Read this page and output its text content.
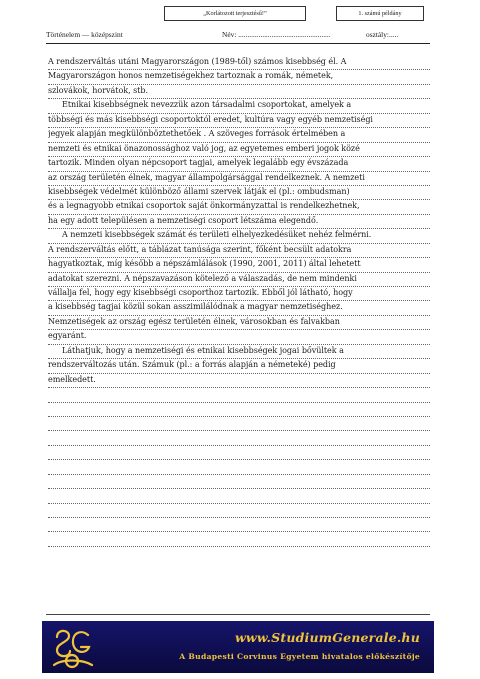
„Korlátozott terjesztésű!”	1. számú példány
Történelem — középszint	Név: ..................................................	osztály:.....
A rendszerváltás utáni Magyarországon (1989-től) számos kisebbség él. A
Magyarországon honos nemzetiségekhez tartoznak a romák, németek,
szlovákok, horvátok, stb.
Etnikai kisebbségnek nevezzük azon társadalmi csoportokat, amelyek a
többségi és más kisebbségi csoportoktól eredet, kultúra vagy egyéb nemzetiségi
jegyek alapján megkülönböztethetőek . A szöveges források értelmében a
nemzeti és etnikai önazonossághoz való jog, az egyetemes emberi jogok közé
tartozik. Minden olyan népcsoport tagjai, amelyek legalább egy évszázada
az ország területén élnek, magyar állampolgársággal rendelkeznek. A nemzeti
kisebbségek védelmét különböző állami szervek látják el (pl.: ombudsman)
és a legnagyobb etnikai csoportok saját önkormányzattal is rendelkezhetnek,
ha egy adott településen a nemzetiségi csoport létszáma elegendő.
A nemzeti kisebbségek számát és területi elhelyezkedésüket nehéz felmérni.
A rendszerváltás előtt, a táblázat tanúsága szerint, főként becsült adatokra
hagyatkoztak, míg később a népszámlálások (1990, 2001, 2011) által lehetett
adatokat szerezni. A népszavazáson kötelező a válaszadás, de nem mindenki
vállalja fel, hogy egy kisebbségi csoporthoz tartozik. Ebből jól látható, hogy
a kisebbség tagjai közül sokan asszimilálódnak a magyar nemzetiséghez.
Nemzetiségek az ország egész területén élnek, városokban és falvakban
egyaránt.
Láthatjuk, hogy a nemzetiségi és etnikai kisebbségek jogai bővültek a
rendszerváltozás után. Számuk (pl.: a forrás alapján a németeké) pedig
emelkedett.
www.StudiumGenerale.hu
A Budapesti Corvinus Egyetem hivatalos előkészítője
